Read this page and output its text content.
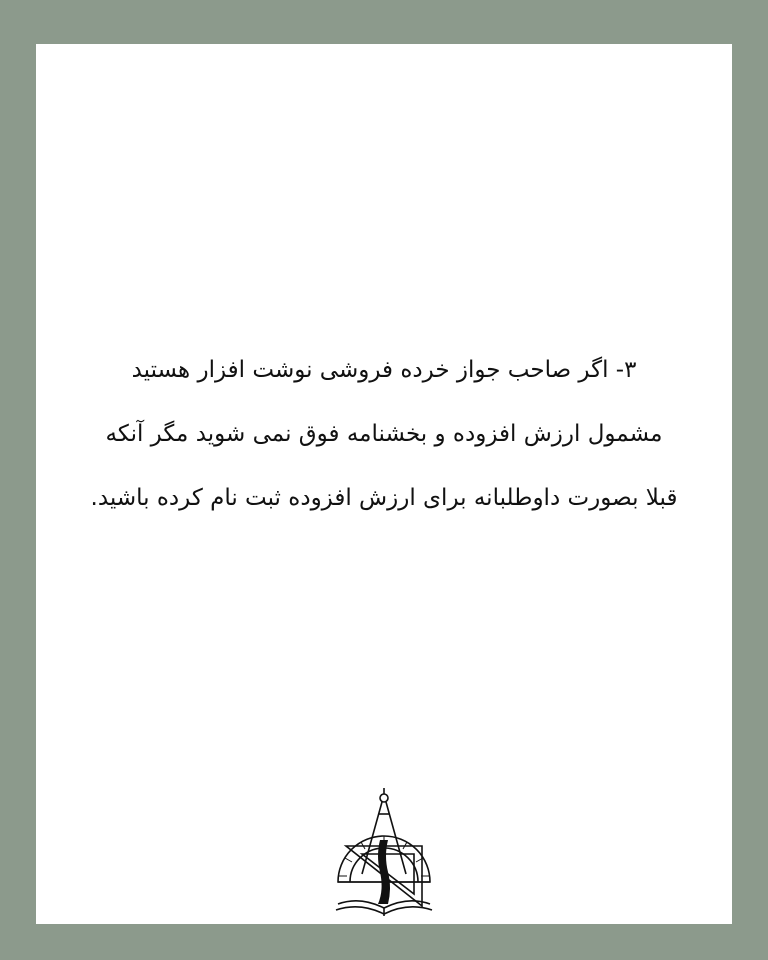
٣- اگر صاحب جواز خرده فروشی نوشت افزار هستید
مشمول ارزش افزوده و بخشنامه فوق نمی شوید مگر آنکه
قبلا بصورت داوطلبانه برای ارزش افزوده ثبت نام کرده باشید.
